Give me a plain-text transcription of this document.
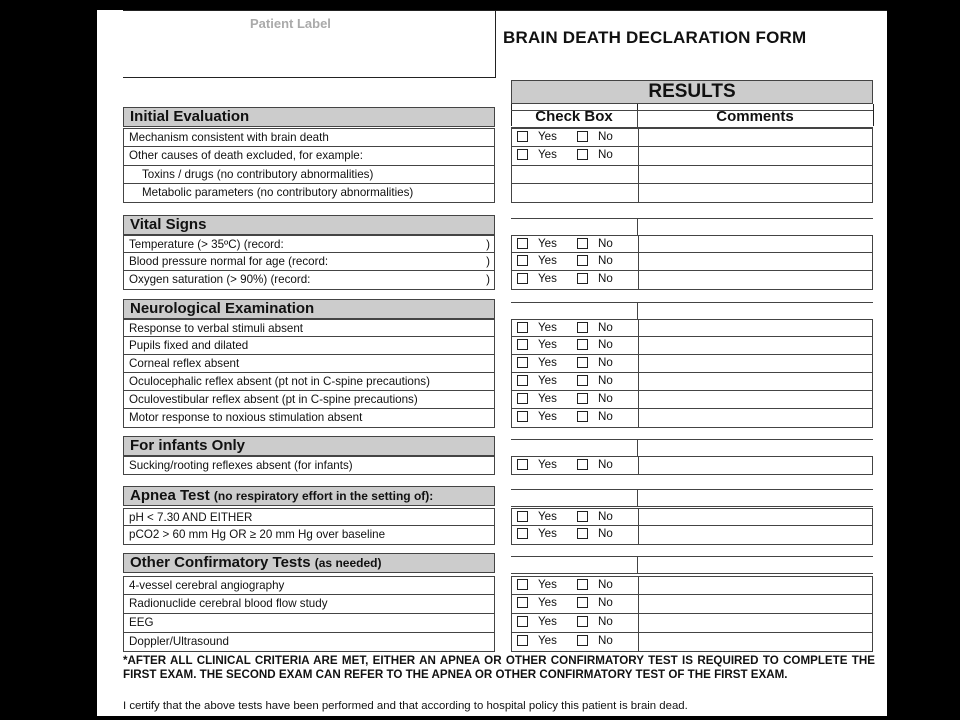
Patient Label
BRAIN DEATH DECLARATION FORM
RESULTS
Check Box	Comments
Initial Evaluation
Mechanism consistent with brain death	Yes	No
Other causes of death excluded, for example:	Yes	No
Toxins / drugs (no contributory abnormalities)
Metabolic parameters (no contributory abnormalities)
Vital Signs
Temperature (> 35ºC) (record:	)	Yes	No
Blood pressure normal for age (record:	)	Yes	No
Oxygen saturation (> 90%) (record:	)	Yes	No
Neurological Examination
Response to verbal stimuli absent	Yes	No
Pupils fixed and dilated	Yes	No
Corneal reflex absent	Yes	No
Oculocephalic reflex absent (pt not in C-spine precautions)	Yes	No
Oculovestibular reflex absent (pt in C-spine precautions)	Yes	No
Motor response to noxious stimulation absent	Yes	No
For infants Only
Sucking/rooting reflexes absent (for infants)	Yes	No
Apnea Test (no respiratory effort in the setting of):
pH < 7.30 AND EITHER	Yes	No
pCO2 > 60 mm Hg OR ≥ 20 mm Hg over baseline	Yes	No
Other Confirmatory Tests (as needed)
4-vessel cerebral angiography	Yes	No
Radionuclide cerebral blood flow study	Yes	No
EEG	Yes	No
Doppler/Ultrasound	Yes	No
*AFTER ALL CLINICAL CRITERIA ARE MET, EITHER AN APNEA OR OTHER CONFIRMATORY TEST IS REQUIRED TO COMPLETE THE FIRST EXAM. THE SECOND EXAM CAN REFER TO THE APNEA OR OTHER CONFIRMATORY TEST OF THE FIRST EXAM.
I certify that the above tests have been performed and that according to hospital policy this patient is brain dead.
